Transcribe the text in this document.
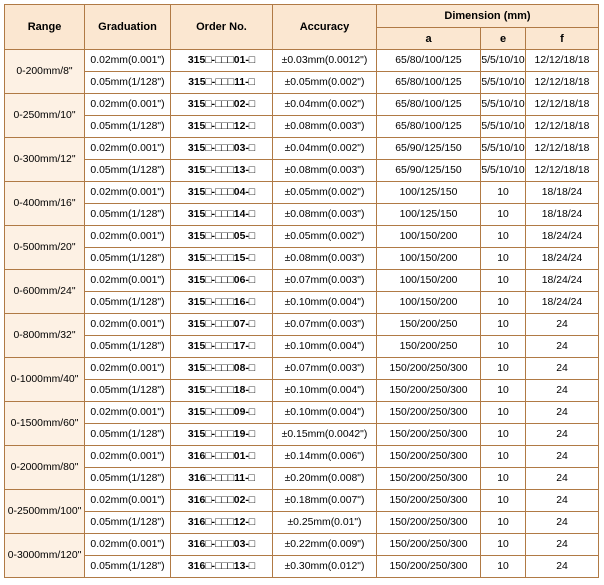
Range	Graduation	Order No.	Accuracy	Dimension (mm)		
				a	e	f
0-200mm/8"	0.02mm(0.001")	315□-□□□01-□	±0.03mm(0.0012")	65/80/100/125	5/5/10/10	12/12/18/18
	0.05mm(1/128")	315□-□□□11-□	±0.05mm(0.002")	65/80/100/125	5/5/10/10	12/12/18/18
0-250mm/10"	0.02mm(0.001")	315□-□□□02-□	±0.04mm(0.002")	65/80/100/125	5/5/10/10	12/12/18/18
	0.05mm(1/128")	315□-□□□12-□	±0.08mm(0.003")	65/80/100/125	5/5/10/10	12/12/18/18
0-300mm/12"	0.02mm(0.001")	315□-□□□03-□	±0.04mm(0.002")	65/90/125/150	5/5/10/10	12/12/18/18
	0.05mm(1/128")	315□-□□□13-□	±0.08mm(0.003")	65/90/125/150	5/5/10/10	12/12/18/18
0-400mm/16"	0.02mm(0.001")	315□-□□□04-□	±0.05mm(0.002")	100/125/150	10	18/18/24
	0.05mm(1/128")	315□-□□□14-□	±0.08mm(0.003")	100/125/150	10	18/18/24
0-500mm/20"	0.02mm(0.001")	315□-□□□05-□	±0.05mm(0.002")	100/150/200	10	18/24/24
	0.05mm(1/128")	315□-□□□15-□	±0.08mm(0.003")	100/150/200	10	18/24/24
0-600mm/24"	0.02mm(0.001")	315□-□□□06-□	±0.07mm(0.003")	100/150/200	10	18/24/24
	0.05mm(1/128")	315□-□□□16-□	±0.10mm(0.004")	100/150/200	10	18/24/24
0-800mm/32"	0.02mm(0.001")	315□-□□□07-□	±0.07mm(0.003")	150/200/250	10	24
	0.05mm(1/128")	315□-□□□17-□	±0.10mm(0.004")	150/200/250	10	24
0-1000mm/40"	0.02mm(0.001")	315□-□□□08-□	±0.07mm(0.003")	150/200/250/300	10	24
	0.05mm(1/128")	315□-□□□18-□	±0.10mm(0.004")	150/200/250/300	10	24
0-1500mm/60"	0.02mm(0.001")	315□-□□□09-□	±0.10mm(0.004")	150/200/250/300	10	24
	0.05mm(1/128")	315□-□□□19-□	±0.15mm(0.0042")	150/200/250/300	10	24
0-2000mm/80"	0.02mm(0.001")	316□-□□□01-□	±0.14mm(0.006")	150/200/250/300	10	24
	0.05mm(1/128")	316□-□□□11-□	±0.20mm(0.008")	150/200/250/300	10	24
0-2500mm/100"	0.02mm(0.001")	316□-□□□02-□	±0.18mm(0.007")	150/200/250/300	10	24
	0.05mm(1/128")	316□-□□□12-□	±0.25mm(0.01")	150/200/250/300	10	24
0-3000mm/120"	0.02mm(0.001")	316□-□□□03-□	±0.22mm(0.009")	150/200/250/300	10	24
	0.05mm(1/128")	316□-□□□13-□	±0.30mm(0.012")	150/200/250/300	10	24
